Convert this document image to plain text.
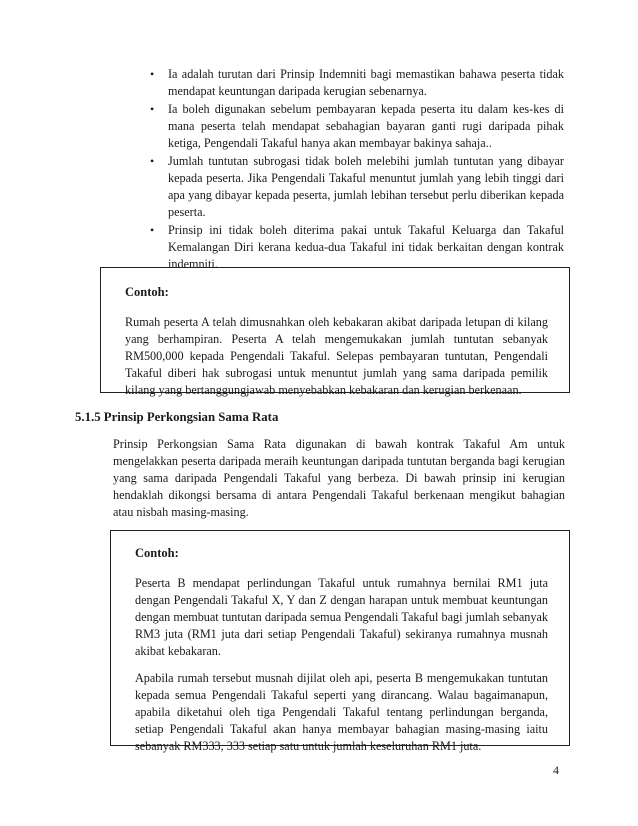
• Ia adalah turutan dari Prinsip Indemniti bagi memastikan bahawa peserta tidak mendapat keuntungan daripada kerugian sebenarnya.
• Ia boleh digunakan sebelum pembayaran kepada peserta itu dalam kes-kes di mana peserta telah mendapat sebahagian bayaran ganti rugi daripada pihak ketiga, Pengendali Takaful hanya akan membayar bakinya sahaja..
• Jumlah tuntutan subrogasi tidak boleh melebihi jumlah tuntutan yang dibayar kepada peserta. Jika Pengendali Takaful menuntut jumlah yang lebih tinggi dari apa yang dibayar kepada peserta, jumlah lebihan tersebut perlu diberikan kepada peserta.
• Prinsip ini tidak boleh diterima pakai untuk Takaful Keluarga dan Takaful Kemalangan Diri kerana kedua-dua Takaful ini tidak berkaitan dengan kontrak indemniti.
Contoh:

Rumah peserta A telah dimusnahkan oleh kebakaran akibat daripada letupan di kilang yang berhampiran. Peserta A telah mengemukakan jumlah tuntutan sebanyak RM500,000 kepada Pengendali Takaful. Selepas pembayaran tuntutan, Pengendali Takaful diberi hak subrogasi untuk menuntut jumlah yang sama daripada pemilik kilang yang bertanggungjawab menyebabkan kebakaran dan kerugian berkenaan.

5.1.5 Prinsip Perkongsian Sama Rata

Prinsip Perkongsian Sama Rata digunakan di bawah kontrak Takaful Am untuk mengelakkan peserta daripada meraih keuntungan daripada tuntutan berganda bagi kerugian yang sama daripada Pengendali Takaful yang berbeza. Di bawah prinsip ini kerugian hendaklah dikongsi bersama di antara Pengendali Takaful berkenaan mengikut bahagian atau nisbah masing-masing.

Contoh:

Peserta B mendapat perlindungan Takaful untuk rumahnya bernilai RM1 juta dengan Pengendali Takaful X, Y dan Z dengan harapan untuk membuat keuntungan dengan membuat tuntutan daripada semua Pengendali Takaful bagi jumlah sebanyak RM3 juta (RM1 juta dari setiap Pengendali Takaful) sekiranya rumahnya musnah akibat kebakaran.

Apabila rumah tersebut musnah dijilat oleh api, peserta B mengemukakan tuntutan kepada semua Pengendali Takaful seperti yang dirancang. Walau bagaimanapun, apabila diketahui oleh tiga Pengendali Takaful tentang perlindungan berganda, setiap Pengendali Takaful akan hanya membayar bahagian masing-masing iaitu sebanyak RM333, 333 setiap satu untuk jumlah keseluruhan RM1 juta.

4
